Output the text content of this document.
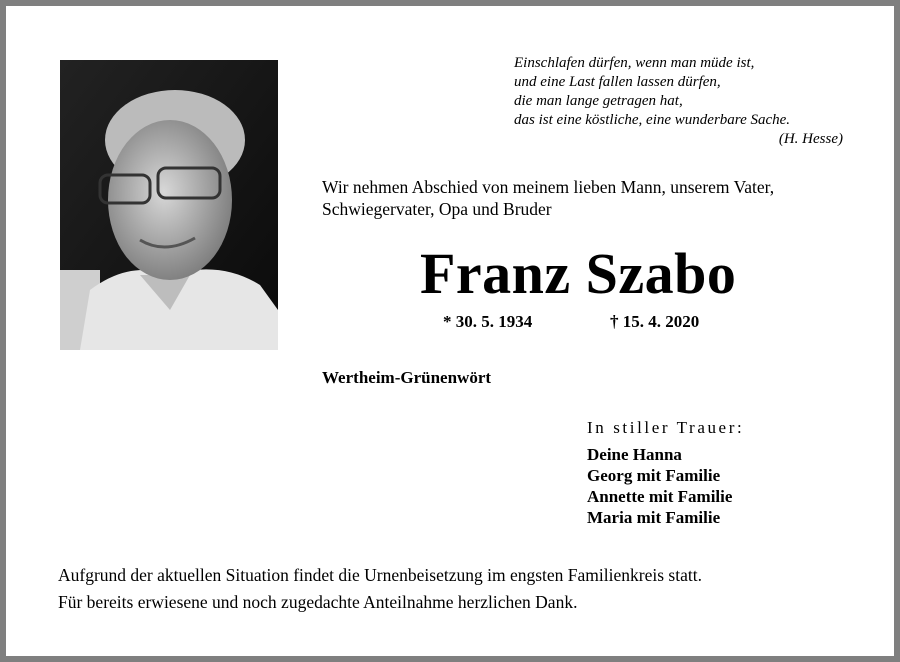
Einschlafen dürfen, wenn man müde ist,
und eine Last fallen lassen dürfen,
die man lange getragen hat,
das ist eine köstliche, eine wunderbare Sache.
(H. Hesse)
Wir nehmen Abschied von meinem lieben Mann, unserem Vater,
Schwiegervater, Opa und Bruder
Franz Szabo
* 30. 5. 1934	† 15. 4. 2020
Wertheim-Grünenwört
In stiller Trauer:
Deine Hanna
Georg mit Familie
Annette mit Familie
Maria mit Familie
Aufgrund der aktuellen Situation findet die Urnenbeisetzung im engsten Familienkreis statt.
Für bereits erwiesene und noch zugedachte Anteilnahme herzlichen Dank.
